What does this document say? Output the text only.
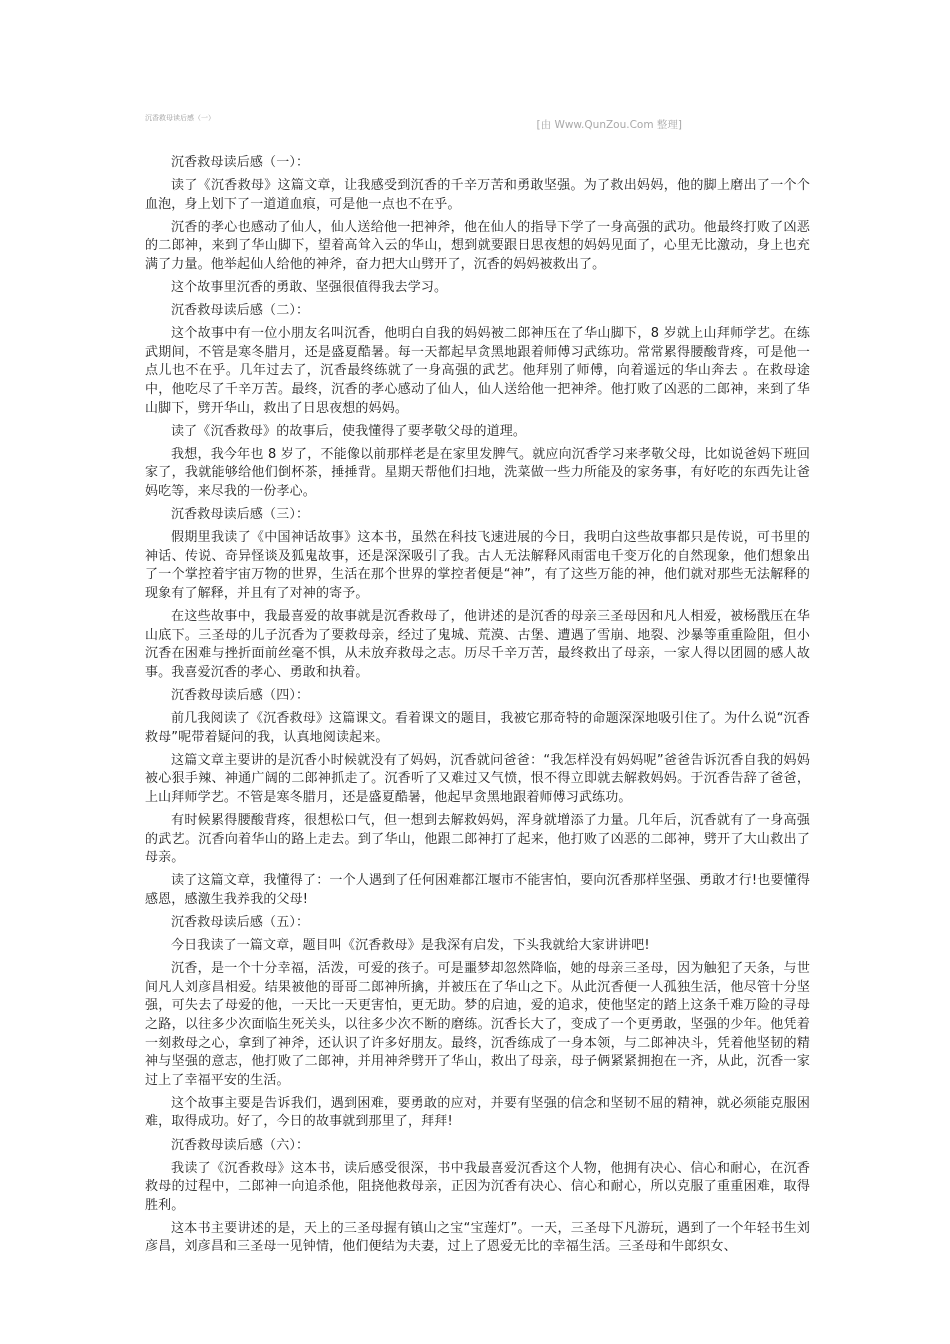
沉香救母读后感（一）
[由 Www.QunZou.Com 整理]

沉香救母读后感（一）：

读了《沉香救母》这篇文章，让我感受到沉香的千辛万苦和勇敢坚强。为了救出妈妈，他的脚上磨出了一个个血泡，身上划下了一道道血痕，可是他一点也不在乎。

沉香的孝心也感动了仙人，仙人送给他一把神斧，他在仙人的指导下学了一身高强的武功。他最终打败了凶恶的二郎神，来到了华山脚下，望着高耸入云的华山，想到就要跟日思夜想的妈妈见面了，心里无比激动，身上也充满了力量。他举起仙人给他的神斧，奋力把大山劈开了，沉香的妈妈被救出了。

这个故事里沉香的勇敢、坚强很值得我去学习。

沉香救母读后感（二）：

这个故事中有一位小朋友名叫沉香，他明白自我的妈妈被二郎神压在了华山脚下，8 岁就上山拜师学艺。在练武期间，不管是寒冬腊月，还是盛夏酷暑。每一天都起早贪黑地跟着师傅习武练功。常常累得腰酸背疼，可是他一点儿也不在乎。几年过去了，沉香最终练就了一身高强的武艺。他拜别了师傅，向着遥远的华山奔去 。在救母途中，他吃尽了千辛万苦。最终，沉香的孝心感动了仙人，仙人送给他一把神斧。他打败了凶恶的二郎神，来到了华山脚下，劈开华山，救出了日思夜想的妈妈。

读了《沉香救母》的故事后，使我懂得了要孝敬父母的道理。

我想，我今年也 8 岁了，不能像以前那样老是在家里发脾气。就应向沉香学习来孝敬父母，比如说爸妈下班回家了，我就能够给他们倒杯茶，捶捶背。星期天帮他们扫地，洗菜做一些力所能及的家务事，有好吃的东西先让爸妈吃等，来尽我的一份孝心。

沉香救母读后感（三）：

假期里我读了《中国神话故事》这本书，虽然在科技飞速进展的今日，我明白这些故事都只是传说，可书里的神话、传说、奇异怪谈及狐鬼故事，还是深深吸引了我。古人无法解释风雨雷电千变万化的自然现象，他们想象出了一个掌控着宇宙万物的世界，生活在那个世界的掌控者便是“神”，有了这些万能的神，他们就对那些无法解释的现象有了解释，并且有了对神的寄予。

在这些故事中，我最喜爱的故事就是沉香救母了，他讲述的是沉香的母亲三圣母因和凡人相爱，被杨戬压在华山底下。三圣母的儿子沉香为了要救母亲，经过了鬼城、荒漠、古堡、遭遇了雪崩、地裂、沙暴等重重险阻，但小沉香在困难与挫折面前丝毫不惧，从未放弃救母之志。历尽千辛万苦，最终救出了母亲，一家人得以团圆的感人故事。我喜爱沉香的孝心、勇敢和执着。

沉香救母读后感（四）：

前几我阅读了《沉香救母》这篇课文。看着课文的题目，我被它那奇特的命题深深地吸引住了。为什么说“沉香救母”呢带着疑问的我，认真地阅读起来。

这篇文章主要讲的是沉香小时候就没有了妈妈，沉香就问爸爸：“我怎样没有妈妈呢”爸爸告诉沉香自我的妈妈被心狠手辣、神通广阔的二郎神抓走了。沉香听了又难过又气愤，恨不得立即就去解救妈妈。于沉香告辞了爸爸，上山拜师学艺。不管是寒冬腊月，还是盛夏酷暑，他起早贪黑地跟着师傅习武练功。

有时候累得腰酸背疼，很想松口气，但一想到去解救妈妈，浑身就增添了力量。几年后，沉香就有了一身高强的武艺。沉香向着华山的路上走去。到了华山，他跟二郎神打了起来，他打败了凶恶的二郎神，劈开了大山救出了母亲。

读了这篇文章，我懂得了：一个人遇到了任何困难都江堰市不能害怕，要向沉香那样坚强、勇敢才行!也要懂得感恩，感激生我养我的父母!

沉香救母读后感（五）：

今日我读了一篇文章，题目叫《沉香救母》是我深有启发，下头我就给大家讲讲吧!

沉香，是一个十分幸福，活泼，可爱的孩子。可是噩梦却忽然降临，她的母亲三圣母，因为触犯了天条，与世间凡人刘彦昌相爱。结果被他的哥哥二郎神所擒，并被压在了华山之下。从此沉香便一人孤独生活，他尽管十分坚强，可失去了母爱的他，一天比一天更害怕，更无助。梦的启迪，爱的追求，使他坚定的踏上这条千难万险的寻母之路，以往多少次面临生死关头，以往多少次不断的磨练。沉香长大了，变成了一个更勇敢，坚强的少年。他凭着一刻救母之心，拿到了神斧，还认识了许多好朋友。最终，沉香练成了一身本领，与二郎神决斗，凭着他坚韧的精神与坚强的意志，他打败了二郎神，并用神斧劈开了华山，救出了母亲，母子俩紧紧拥抱在一齐，从此，沉香一家过上了幸福平安的生活。

这个故事主要是告诉我们，遇到困难，要勇敢的应对，并要有坚强的信念和坚韧不屈的精神，就必须能克服困难，取得成功。好了，今日的故事就到那里了，拜拜!

沉香救母读后感（六）：

我读了《沉香救母》这本书，读后感受很深，书中我最喜爱沉香这个人物，他拥有决心、信心和耐心，在沉香救母的过程中，二郎神一向追杀他，阻挠他救母亲，正因为沉香有决心、信心和耐心，所以克服了重重困难，取得胜利。

这本书主要讲述的是，天上的三圣母握有镇山之宝“宝莲灯”。一天，三圣母下凡游玩，遇到了一个年轻书生刘彦昌，刘彦昌和三圣母一见钟情，他们便结为夫妻，过上了恩爱无比的幸福生活。三圣母和牛郎织女、
